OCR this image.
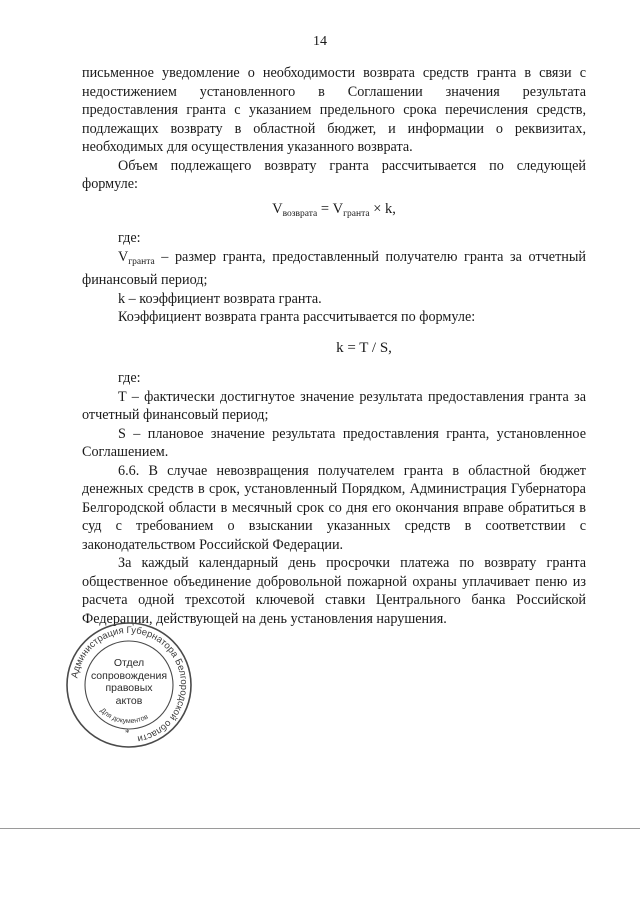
14

письменное уведомление о необходимости возврата средств гранта в связи с недостижением установленного в Соглашении значения результата предоставления гранта с указанием предельного срока перечисления средств, подлежащих возврату в областной бюджет, и информации о реквизитах, необходимых для осуществления указанного возврата.

Объем подлежащего возврату гранта рассчитывается по следующей формуле:

$V_{возврата} = V_{гранта} \times k$,

где:

$V_{гранта}$ – размер гранта, предоставленный получателю гранта за отчетный финансовый период;

k – коэффициент возврата гранта.

Коэффициент возврата гранта рассчитывается по формуле:

k = T / S,

где:

T – фактически достигнутое значение результата предоставления гранта за отчетный финансовый период;

S – плановое значение результата предоставления гранта, установленное Соглашением.

6.6. В случае невозвращения получателем гранта в областной бюджет денежных средств в срок, установленный Порядком, Администрация Губернатора Белгородской области в месячный срок со дня его окончания вправе обратиться в суд с требованием о взыскании указанных средств в соответствии с законодательством Российской Федерации.

За каждый календарный день просрочки платежа по возврату гранта общественное объединение добровольной пожарной охраны уплачивает пеню из расчета одной трехсотой ключевой ставки Центрального банка Российской Федерации, действующей на день установления нарушения.

Администрация Губернатора Белгородской области
Для документов
*
Отдел
сопровождения
правовых
актов
